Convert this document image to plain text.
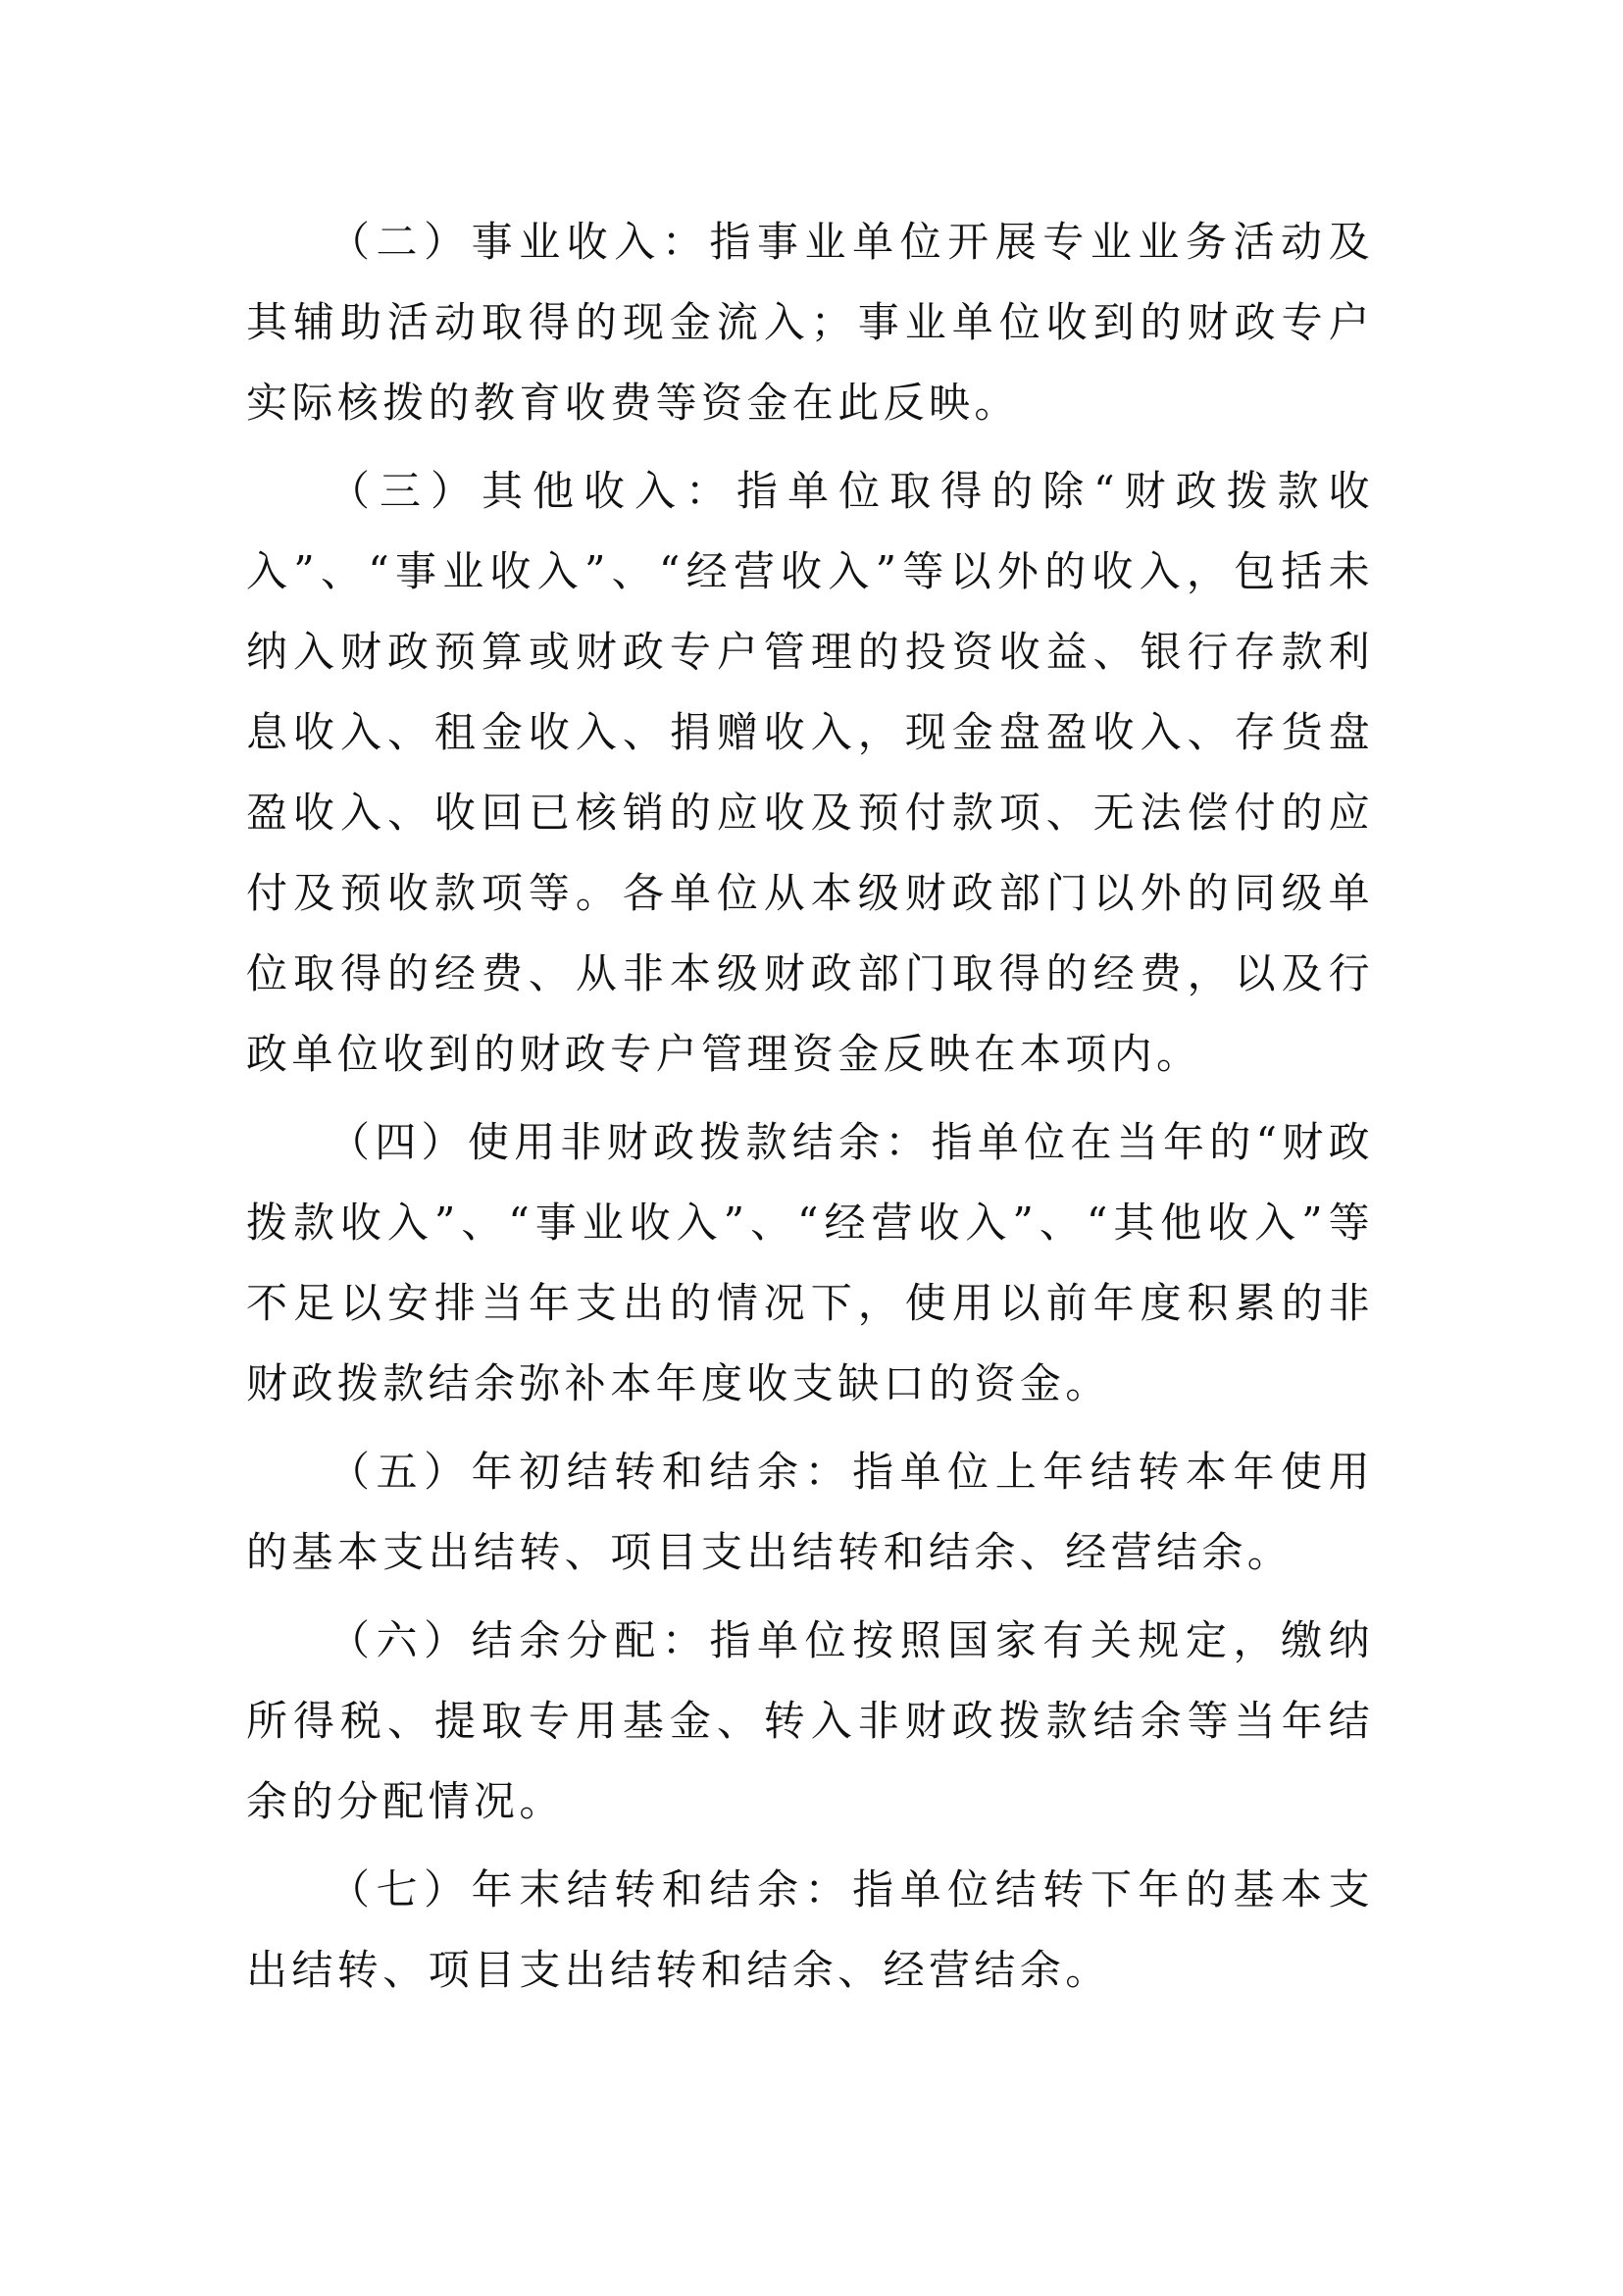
（二）事业收入：指事业单位开展专业业务活动及其辅助活动取得的现金流入；事业单位收到的财政专户实际核拨的教育收费等资金在此反映。

（三）其他收入：指单位取得的除“财政拨款收入”、“事业收入”、“经营收入”等以外的收入，包括未纳入财政预算或财政专户管理的投资收益、银行存款利息收入、租金收入、捐赠收入，现金盘盈收入、存货盘盈收入、收回已核销的应收及预付款项、无法偿付的应付及预收款项等。各单位从本级财政部门以外的同级单位取得的经费、从非本级财政部门取得的经费，以及行政单位收到的财政专户管理资金反映在本项内。

（四）使用非财政拨款结余：指单位在当年的“财政拨款收入”、“事业收入”、“经营收入”、“其他收入”等不足以安排当年支出的情况下，使用以前年度积累的非财政拨款结余弥补本年度收支缺口的资金。

（五）年初结转和结余：指单位上年结转本年使用的基本支出结转、项目支出结转和结余、经营结余。

（六）结余分配：指单位按照国家有关规定，缴纳所得税、提取专用基金、转入非财政拨款结余等当年结余的分配情况。

（七）年末结转和结余：指单位结转下年的基本支出结转、项目支出结转和结余、经营结余。
